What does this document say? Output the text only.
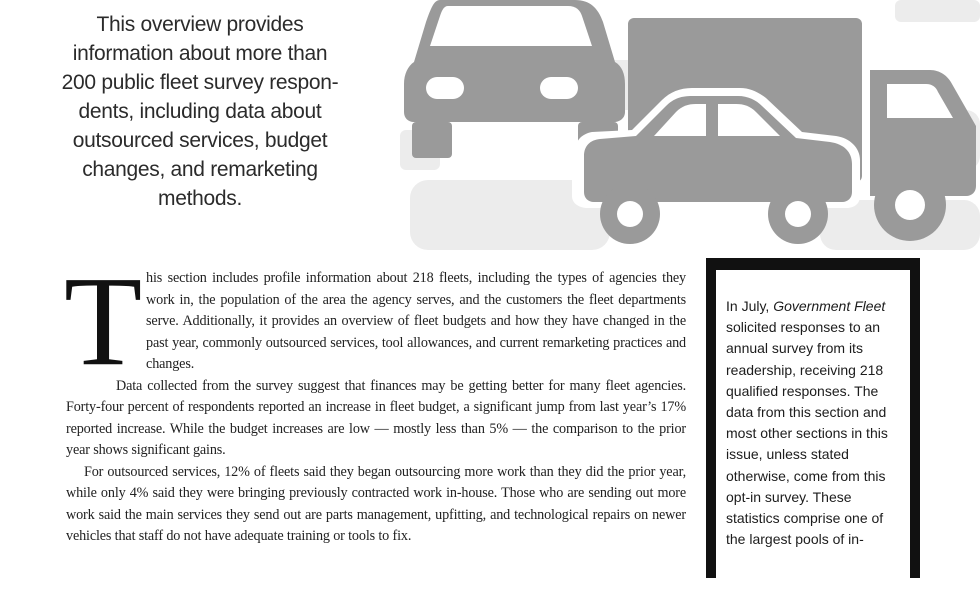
This overview provides information about more than 200 public fleet survey respon-dents, including data about outsourced services, budget changes, and remarketing methods.

This section includes profile information about 218 fleets, including the types of agencies they work in, the population of the area the agency serves, and the customers the fleet departments serve. Additionally, it provides an overview of fleet budgets and how they have changed in the past year, commonly outsourced services, tool allowances, and current remarketing practices and changes.

Data collected from the survey suggest that finances may be getting better for many fleet agencies. Forty-four percent of respondents reported an increase in fleet budget, a significant jump from last year’s 17% reported increase. While the budget increases are low — mostly less than 5% — the comparison to the prior year shows significant gains.

For outsourced services, 12% of fleets said they began outsourcing more work than they did the prior year, while only 4% said they were bringing previously contracted work in-house. Those who are sending out more work said the main services they send out are parts management, upfitting, and technological repairs on newer vehicles that staff do not have adequate training or tools to fix.

In July, Government Fleet solicited responses to an annual survey from its readership, receiving 218 qualified responses. The data from this section and most other sections in this issue, unless stated otherwise, come from this opt-in survey. These statistics comprise one of the largest pools of in-
